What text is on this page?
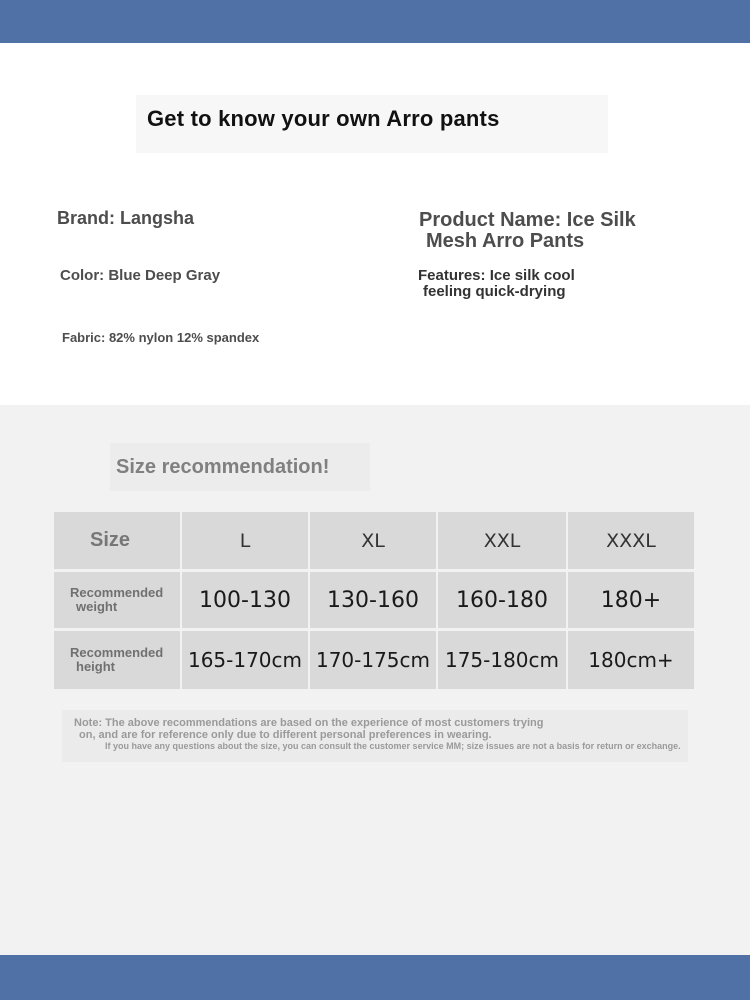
Get to know your own Arro pants
Brand: Langsha
Color: Blue Deep Gray
Fabric: 82% nylon 12% spandex
Product Name: Ice Silk
Mesh Arro Pants
Features: Ice silk cool
feeling quick-drying
Size recommendation!
Size	L	XL	XXL	XXXL
Recommended
weight	100-130	130-160	160-180	180+
Recommended
height	165-170cm 170-175cm 175-180cm	180cm+
Note: The above recommendations are based on the experience of most customers trying
on, and are for reference only due to different personal preferences in wearing.
If you have any questions about the size, you can consult the customer service MM; size issues are not a basis for return or exchange.
